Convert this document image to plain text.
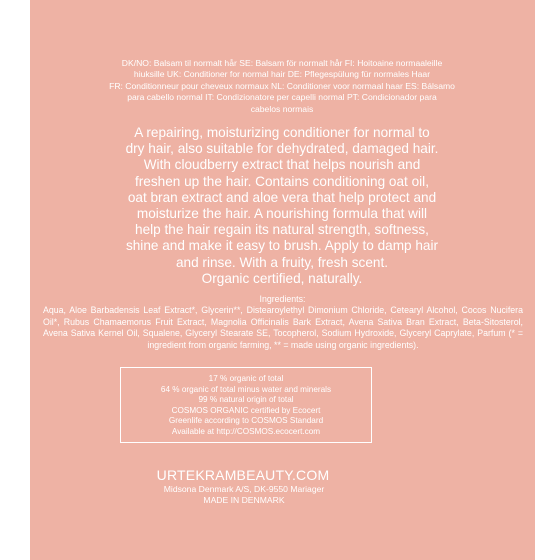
DK/NO: Balsam til normalt hår SE: Balsam för normalt hår FI: Hoitoaine normaaleille
hiuksille UK: Conditioner for normal hair DE: Pflegespülung für normales Haar
FR: Conditionneur pour cheveux normaux NL: Conditioner voor normaal haar ES: Bálsamo
para cabello normal IT: Condizionatore per capelli normal PT: Condicionador para
cabelos normais
A repairing, moisturizing conditioner for normal to
dry hair, also suitable for dehydrated, damaged hair.
With cloudberry extract that helps nourish and
freshen up the hair. Contains conditioning oat oil,
oat bran extract and aloe vera that help protect and
moisturize the hair. A nourishing formula that will
help the hair regain its natural strength, softness,
shine and make it easy to brush. Apply to damp hair
and rinse. With a fruity, fresh scent.
Organic certified, naturally.
Ingredients:
Aqua, Aloe Barbadensis Leaf Extract*, Glycerin**, Distearoylethyl Dimonium Chloride, Cetearyl Alcohol, Cocos Nucifera Oil*, Rubus Chamaemorus Fruit Extract, Magnolia Officinalis Bark Extract, Avena Sativa Bran Extract, Beta-Sitosterol, Avena Sativa Kernel Oil, Squalene, Glyceryl Stearate SE, Tocopherol, Sodium Hydroxide, Glyceryl Caprylate, Parfum (* = ingredient from organic farming, ** = made using organic ingredients).
17 % organic of total
64 % organic of total minus water and minerals
99 % natural origin of total
COSMOS ORGANIC certified by Ecocert
Greenlife according to COSMOS Standard
Available at http://COSMOS.ecocert.com
URTEKRAMBEAUTY.COM
Midsona Denmark A/S, DK-9550 Mariager
MADE IN DENMARK
